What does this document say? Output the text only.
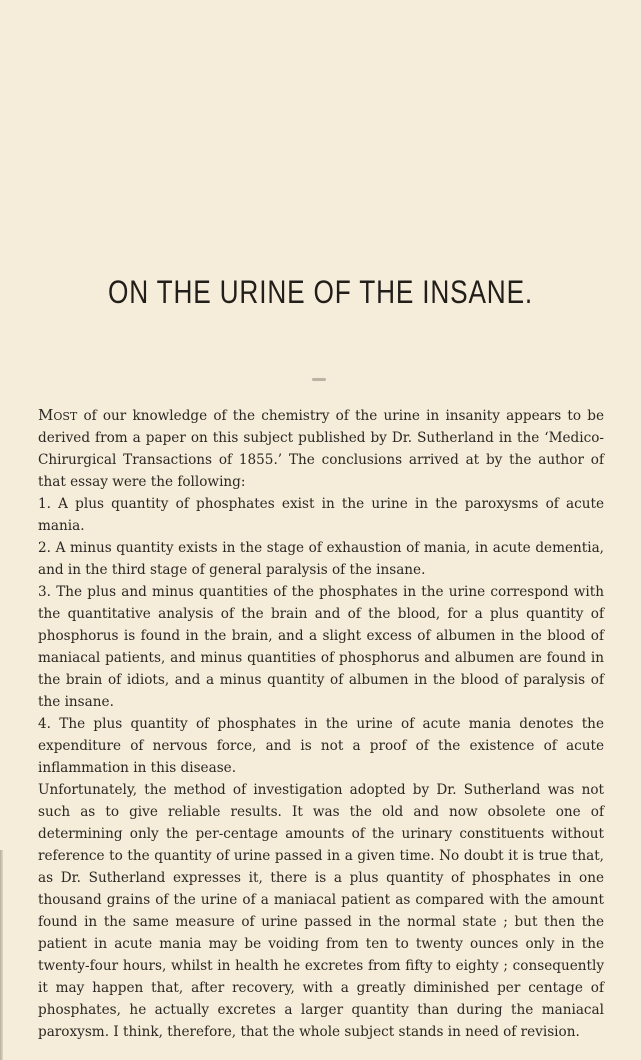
ON THE URINE OF THE INSANE.

Most of our knowledge of the chemistry of the urine in insanity appears to be derived from a paper on this subject published by Dr. Sutherland in the ‘Medico-Chirurgical Transactions of 1855.’ The conclusions arrived at by the author of that essay were the following:

1. A plus quantity of phosphates exist in the urine in the paroxysms of acute mania.

2. A minus quantity exists in the stage of exhaustion of mania, in acute dementia, and in the third stage of general paralysis of the insane.

3. The plus and minus quantities of the phosphates in the urine correspond with the quantitative analysis of the brain and of the blood, for a plus quantity of phosphorus is found in the brain, and a slight excess of albumen in the blood of maniacal patients, and minus quantities of phosphorus and albumen are found in the brain of idiots, and a minus quantity of albumen in the blood of paralysis of the insane.

4. The plus quantity of phosphates in the urine of acute mania denotes the expenditure of nervous force, and is not a proof of the existence of acute inflammation in this disease.

Unfortunately, the method of investigation adopted by Dr. Sutherland was not such as to give reliable results. It was the old and now obsolete one of determining only the per-centage amounts of the urinary constituents without reference to the quantity of urine passed in a given time. No doubt it is true that, as Dr. Sutherland expresses it, there is a plus quantity of phosphates in one thousand grains of the urine of a maniacal patient as compared with the amount found in the same measure of urine passed in the normal state ; but then the patient in acute mania may be voiding from ten to twenty ounces only in the twenty-four hours, whilst in health he excretes from fifty to eighty ; consequently it may happen that, after recovery, with a greatly diminished per centage of phosphates, he actually excretes a larger quantity than during the maniacal paroxysm. I think, therefore, that the whole subject stands in need of revision.
